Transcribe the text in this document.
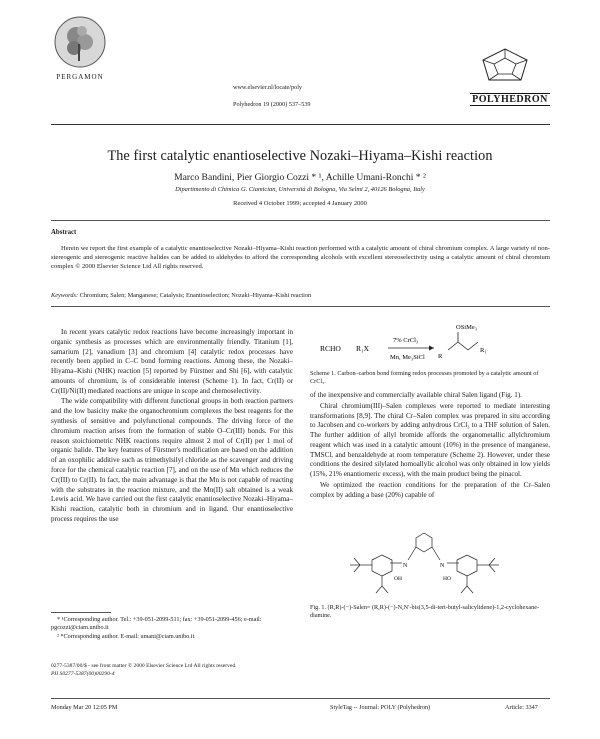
PERGAMON
www.elsevier.nl/locate/poly
Polyhedron 19 (2000) 537–539	POLYHEDRON
The first catalytic enantioselective Nozaki–Hiyama–Kishi reaction
Marco Bandini, Pier Giorgio Cozzi * ¹, Achille Umani-Ronchi * ²
Dipartimento di Chimica G. Ciamician, Università di Bologna, Via Selmi 2, 40126 Bologna, Italy
Received 4 October 1999; accepted 4 January 2000
Abstract
Herein we report the first example of a catalytic enantioselective Nozaki–Hiyama–Kishi reaction performed with a catalytic amount of chiral chromium complex. A large variety of non-stereogenic and stereogenic reactive halides can be added to aldehydes to afford the corresponding alcohols with excellent stereoselectivity using a catalytic amount of chiral chromium complex © 2000 Elsevier Science Ltd All rights reserved.
Keywords: Chromium; Salen; Manganese; Catalysis; Enantioselection; Nozaki–Hiyama–Kishi reaction

In recent years catalytic redox reactions have become increasingly important in organic synthesis as processes which are environmentally friendly. Titanium [1], samarium [2], vanadium [3] and chromium [4] catalytic redox processes have recently been applied in C–C bond forming reactions. Among these, the Nozaki–Hiyama–Kishi (NHK) reaction [5] reported by Fürstner and Shi [6], with catalytic amounts of chromium, is of considerable interest (Scheme 1). In fact, Cr(II) or Cr(II)/Ni(II) mediated reactions are unique in scope and chemoselectivity.

The wide compatibility with different functional groups in both reaction partners and the low basicity make the organochromium complexes the best reagents for the synthesis of sensitive and polyfunctional compounds. The driving force of the chromium reaction arises from the formation of stable O–Cr(III) bonds. For this reason stoichiometric NHK reactions require almost 2 mol of Cr(II) per 1 mol of organic halide. The key features of Fürstner's modification are based on the addition of an oxophilic additive such as trimethylsilyl chloride as the scavenger and driving force for the chemical catalytic reaction [7], and on the use of Mn which reduces the Cr(III) to Cr(II). In fact, the main advantage is that the Mn is not capable of reacting with the substrates in the reaction mixture, and the Mn(II) salt obtained is a weak Lewis acid. We have carried out the first catalytic enantioselective Nozaki–Hiyama–Kishi reaction, catalytic both in chromium and in ligand. Our enantioselective process requires the use

* ¹Corresponding author. Tel.: +39-051-2099-511; fax: +39-051-2099-456; e-mail: pgcozzi@ciam.unibo.it
² *Corresponding author. E-mail: umani@ciam.unibo.it
0277-5387/00/$ - see front matter © 2000 Elsevier Science Ltd All rights reserved.
PII S0277-5387(00)00290-4
RCHO R₁X
7% CrCl₃
Mn, Me₃SiCl
OSiMe₃
R
R₁
Scheme 1. Carbon–carbon bond forming redox processes promoted by a catalytic amount of CrCl₃.

of the inexpensive and commercially available chiral Salen ligand (Fig. 1).

Chiral chromium(III)–Salen complexes were reported to mediate interesting transformations [8,9]. The chiral Cr–Salen complex was prepared in situ according to Jacobsen and co-workers by adding anhydrous CrCl₃ to a THF solution of Salen. The further addition of allyl bromide affords the organometallic allylchromium reagent which was used in a catalytic amount (10%) in the presence of manganese, TMSCl, and benzaldehyde at room temperature (Scheme 2). However, under these conditions the desired silylated homoallylic alcohol was only obtained in low yields (15%, 21% enantiomeric excess), with the main product being the pinacol.

We optimized the reaction conditions for the preparation of the Cr–Salen complex by adding a base (20%) capable of

N	N
OH	HO
Fig. 1. (R,R)-(−)-Salen= (R,R)-(−)-N,N′-bis(3,5-di-tert-butyl-salicylidene)-1,2-cyclohexane-diamine.
Monday Mar 20 12:05 PM	StyleTag -- Journal: POLY (Polyhedron)	Article: 3347
